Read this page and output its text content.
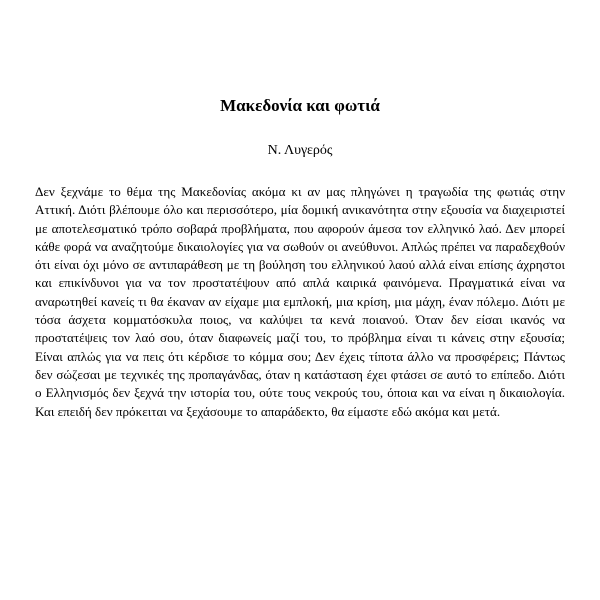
Μακεδονία και φωτιά

Ν. Λυγερός

Δεν ξεχνάμε το θέμα της Μακεδονίας ακόμα κι αν μας πληγώνει η τραγωδία της φωτιάς στην Αττική. Διότι βλέπουμε όλο και περισσότερο, μία δομική ανικανότητα στην εξουσία να διαχειριστεί με αποτελεσματικό τρόπο σοβαρά προβλήματα, που αφορούν άμεσα τον ελληνικό λαό. Δεν μπορεί κάθε φορά να αναζητούμε δικαιολογίες για να σωθούν οι ανεύθυνοι. Απλώς πρέπει να παραδεχθούν ότι είναι όχι μόνο σε αντιπαράθεση με τη βούληση του ελληνικού λαού αλλά είναι επίσης άχρηστοι και επικίνδυνοι για να τον προστατέψουν από απλά καιρικά φαινόμενα. Πραγματικά είναι να αναρωτηθεί κανείς τι θα έκαναν αν είχαμε μια εμπλοκή, μια κρίση, μια μάχη, έναν πόλεμο. Διότι με τόσα άσχετα κομματόσκυλα ποιος, να καλύψει τα κενά ποιανού. Όταν δεν είσαι ικανός να προστατέψεις τον λαό σου, όταν διαφωνείς μαζί του, το πρόβλημα είναι τι κάνεις στην εξουσία; Είναι απλώς για να πεις ότι κέρδισε το κόμμα σου; Δεν έχεις τίποτα άλλο να προσφέρεις; Πάντως δεν σώζεσαι με τεχνικές της προπαγάνδας, όταν η κατάσταση έχει φτάσει σε αυτό το επίπεδο. Διότι ο Ελληνισμός δεν ξεχνά την ιστορία του, ούτε τους νεκρούς του, όποια και να είναι η δικαιολογία. Και επειδή δεν πρόκειται να ξεχάσουμε το απαράδεκτο, θα είμαστε εδώ ακόμα και μετά.
